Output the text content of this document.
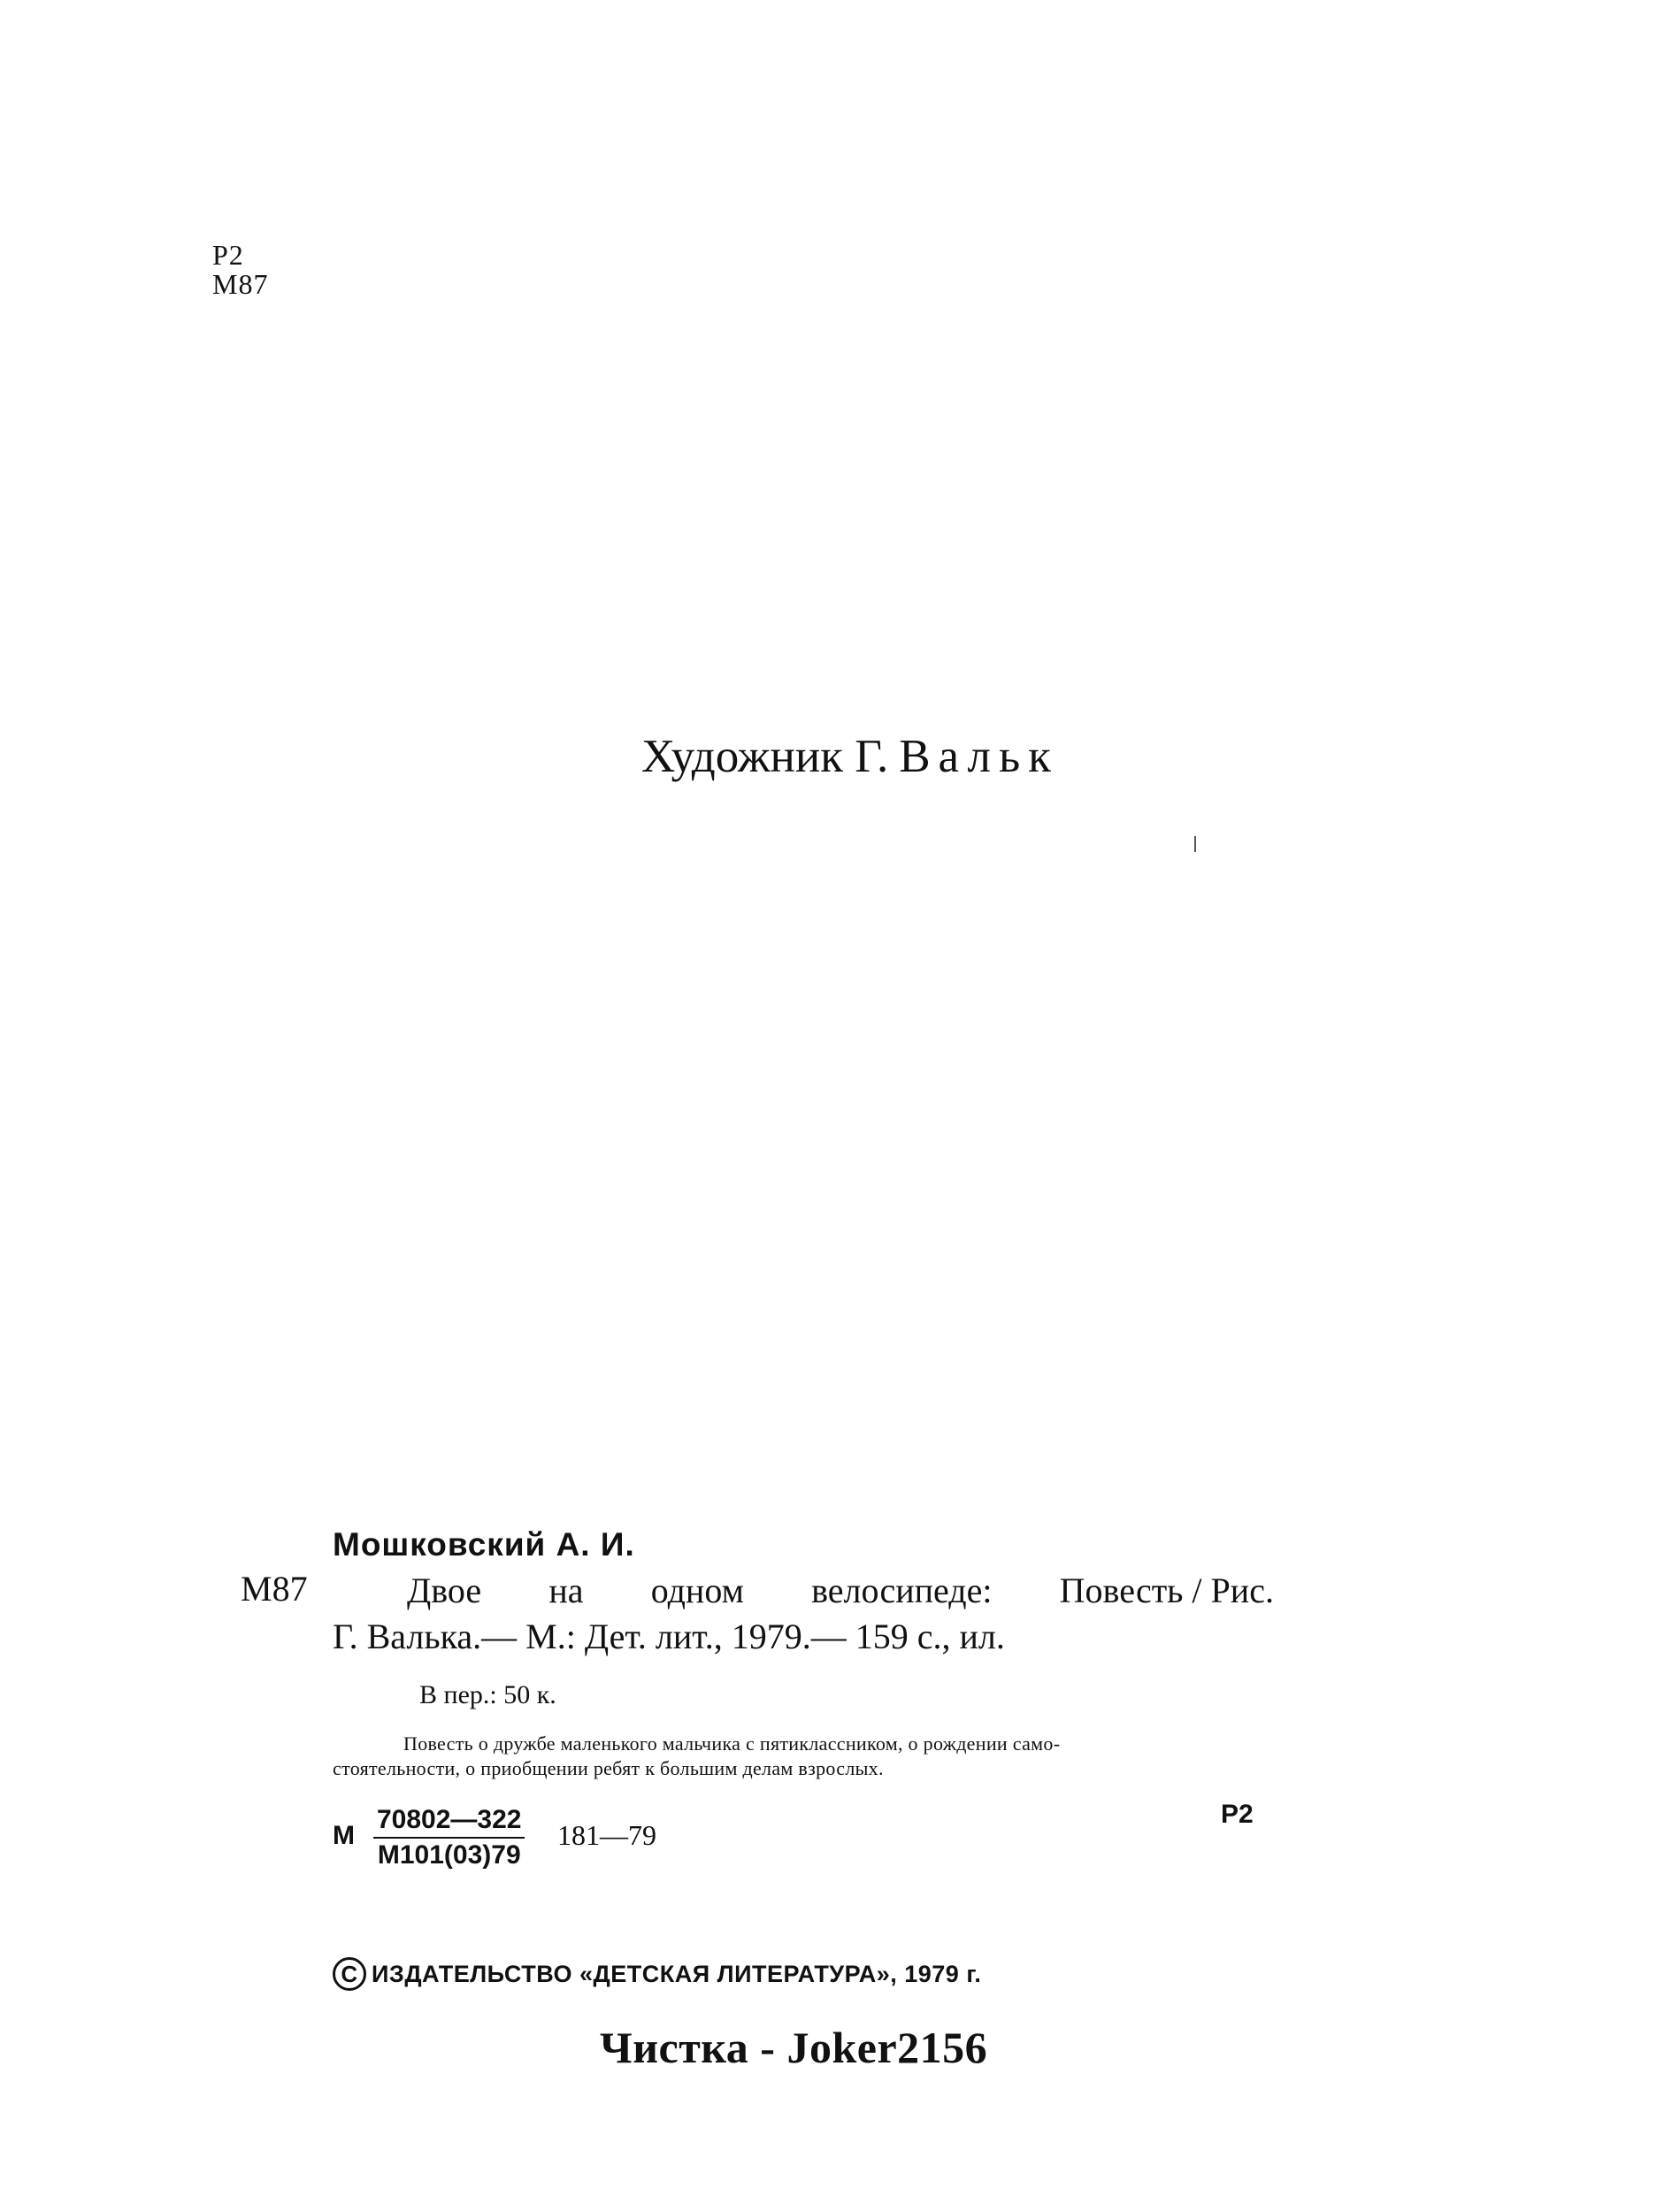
Р2
М87
Художник Г. Вальк
Мошковский А. И.
М87	Двое на одном велосипеде: Повесть / Рис.
Г. Валька.— М.: Дет. лит., 1979.— 159 с., ил.
В пер.: 50 к.
Повесть о дружбе маленького мальчика с пятиклассником, о рождении само-
стоятельности, о приобщении ребят к большим делам взрослых.
М
70802—322
М101(03)79
181—79
Р2
С ИЗДАТЕЛЬСТВО «ДЕТСКАЯ ЛИТЕРАТУРА», 1979 г.
Чистка - Joker2156
